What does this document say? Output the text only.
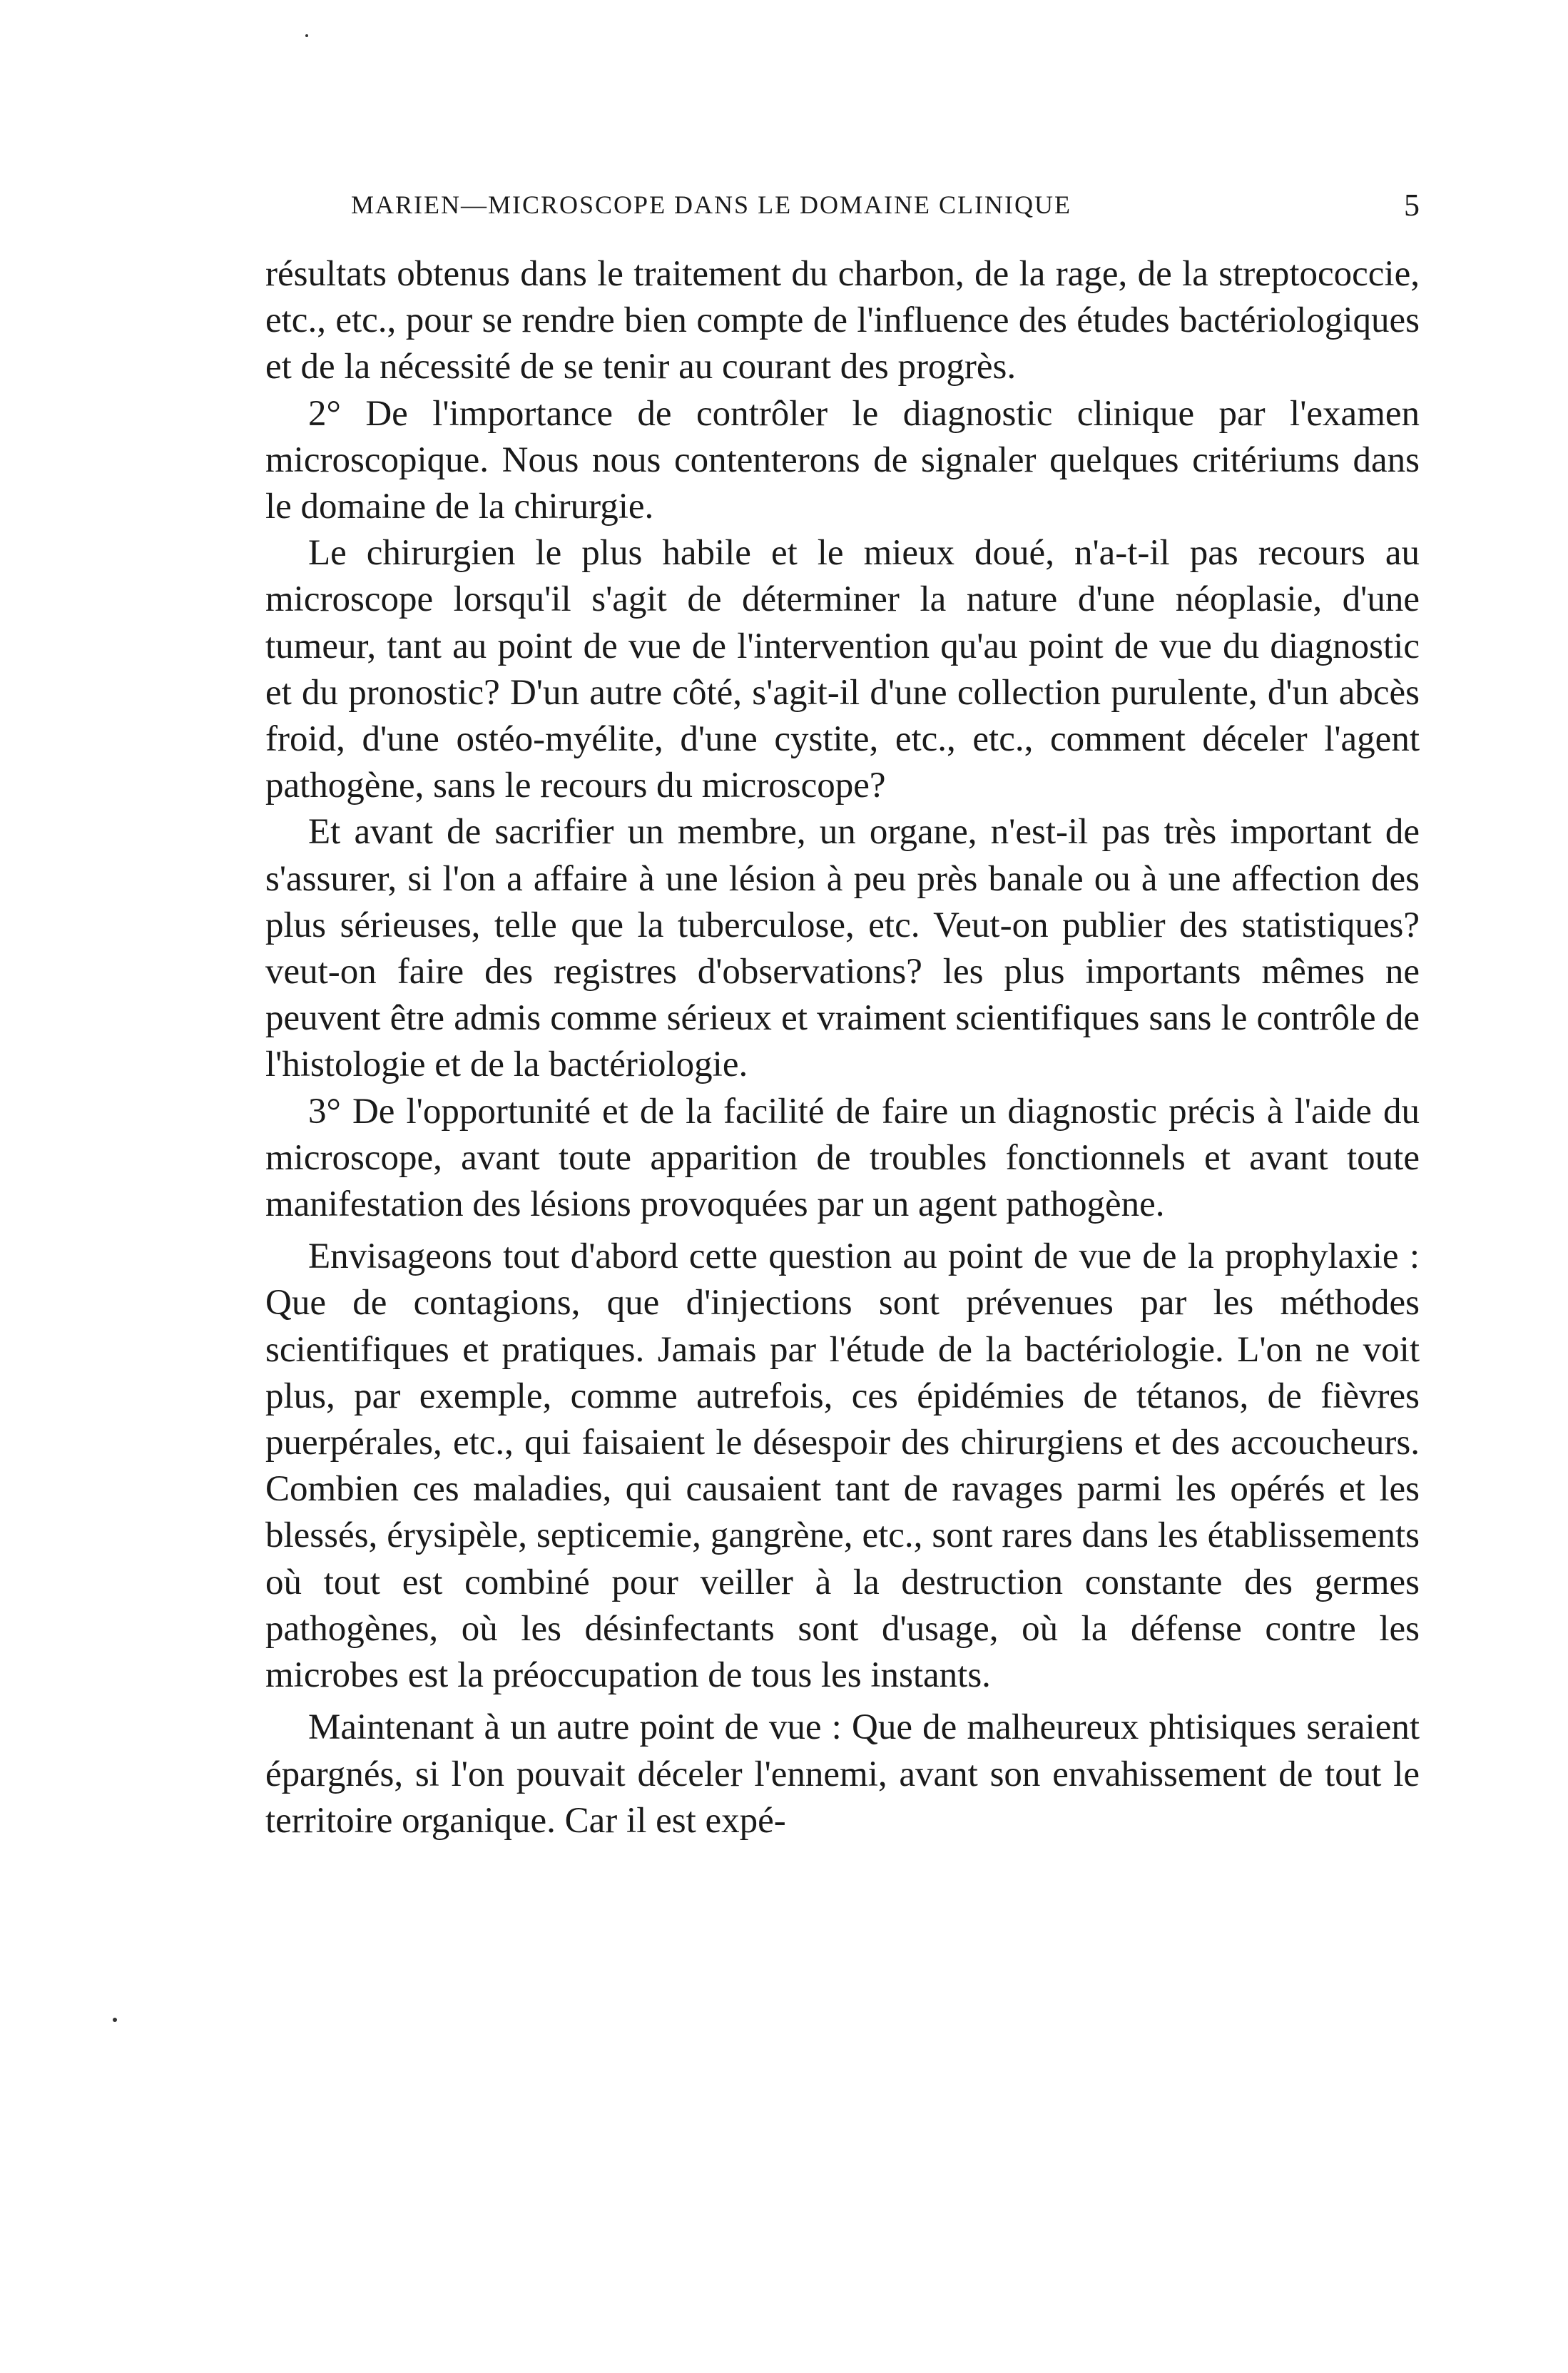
MARIEN—MICROSCOPE DANS LE DOMAINE CLINIQUE	5

résultats obtenus dans le traitement du charbon, de la rage, de la streptococcie, etc., etc., pour se rendre bien compte de l'influence des études bactériologiques et de la nécessité de se tenir au courant des progrès.

2° De l'importance de contrôler le diagnostic clinique par l'examen microscopique. Nous nous contenterons de signaler quelques critériums dans le domaine de la chirurgie.

Le chirurgien le plus habile et le mieux doué, n'a-t-il pas recours au microscope lorsqu'il s'agit de déterminer la nature d'une néoplasie, d'une tumeur, tant au point de vue de l'intervention qu'au point de vue du diagnostic et du pronostic? D'un autre côté, s'agit-il d'une collection purulente, d'un abcès froid, d'une ostéo-myélite, d'une cystite, etc., etc., comment déceler l'agent pathogène, sans le recours du microscope?

Et avant de sacrifier un membre, un organe, n'est-il pas très important de s'assurer, si l'on a affaire à une lésion à peu près banale ou à une affection des plus sérieuses, telle que la tuberculose, etc. Veut-on publier des statistiques? veut-on faire des registres d'observations? les plus importants mêmes ne peuvent être admis comme sérieux et vraiment scientifiques sans le contrôle de l'histologie et de la bactériologie.

3° De l'opportunité et de la facilité de faire un diagnostic précis à l'aide du microscope, avant toute apparition de troubles fonctionnels et avant toute manifestation des lésions provoquées par un agent pathogène.

Envisageons tout d'abord cette question au point de vue de la prophylaxie : Que de contagions, que d'injections sont prévenues par les méthodes scientifiques et pratiques. Jamais par l'étude de la bactériologie. L'on ne voit plus, par exemple, comme autrefois, ces épidémies de tétanos, de fièvres puerpérales, etc., qui faisaient le désespoir des chirurgiens et des accoucheurs. Combien ces maladies, qui causaient tant de ravages parmi les opérés et les blessés, érysipèle, septicemie, gangrène, etc., sont rares dans les établissements où tout est combiné pour veiller à la destruction constante des germes pathogènes, où les désinfectants sont d'usage, où la défense contre les microbes est la préoccupation de tous les instants.

Maintenant à un autre point de vue : Que de malheureux phtisiques seraient épargnés, si l'on pouvait déceler l'ennemi, avant son envahissement de tout le territoire organique. Car il est expé-
